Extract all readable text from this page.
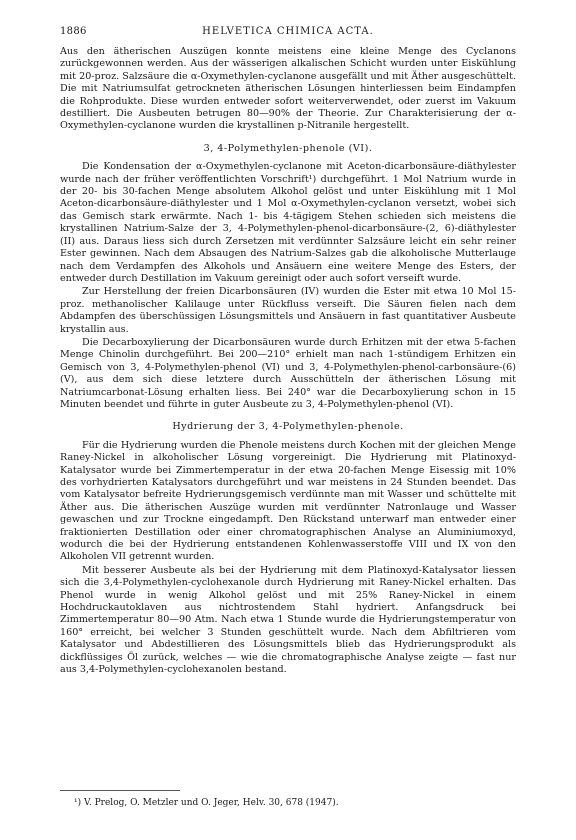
1886	HELVETICA CHIMICA ACTA.

Aus den ätherischen Auszügen konnte meistens eine kleine Menge des Cyclanons zurückgewonnen werden. Aus der wässerigen alkalischen Schicht wurden unter Eiskühlung mit 20-proz. Salzsäure die α-Oxymethylen-cyclanone ausgefällt und mit Äther ausgeschüttelt. Die mit Natriumsulfat getrockneten ätherischen Lösungen hinterliessen beim Eindampfen die Rohprodukte. Diese wurden entweder sofort weiterverwendet, oder zuerst im Vakuum destilliert. Die Ausbeuten betrugen 80—90% der Theorie. Zur Charakterisierung der α-Oxymethylen-cyclanone wurden die krystallinen p-Nitranile hergestellt.

3, 4-Polymethylen-phenole (VI).

Die Kondensation der α-Oxymethylen-cyclanone mit Aceton-dicarbonsäure-diäthylester wurde nach der früher veröffentlichten Vorschrift¹) durchgeführt. 1 Mol Natrium wurde in der 20- bis 30-fachen Menge absolutem Alkohol gelöst und unter Eiskühlung mit 1 Mol Aceton-dicarbonsäure-diäthylester und 1 Mol α-Oxymethylen-cyclanon versetzt, wobei sich das Gemisch stark erwärmte. Nach 1- bis 4-tägigem Stehen schieden sich meistens die krystallinen Natrium-Salze der 3, 4-Polymethylen-phenol-dicarbonsäure-(2, 6)-diäthylester (II) aus. Daraus liess sich durch Zersetzen mit verdünnter Salzsäure leicht ein sehr reiner Ester gewinnen. Nach dem Absaugen des Natrium-Salzes gab die alkoholische Mutterlauge nach dem Verdampfen des Alkohols und Ansäuern eine weitere Menge des Esters, der entweder durch Destillation im Vakuum gereinigt oder auch sofort verseift wurde.

Zur Herstellung der freien Dicarbonsäuren (IV) wurden die Ester mit etwa 10 Mol 15-proz. methanolischer Kalilauge unter Rückfluss verseift. Die Säuren fielen nach dem Abdampfen des überschüssigen Lösungsmittels und Ansäuern in fast quantitativer Ausbeute krystallin aus.

Die Decarboxylierung der Dicarbonsäuren wurde durch Erhitzen mit der etwa 5-fachen Menge Chinolin durchgeführt. Bei 200—210° erhielt man nach 1-stündigem Erhitzen ein Gemisch von 3, 4-Polymethylen-phenol (VI) und 3, 4-Polymethylen-phenol-carbonsäure-(6) (V), aus dem sich diese letztere durch Ausschütteln der ätherischen Lösung mit Natriumcarbonat-Lösung erhalten liess. Bei 240° war die Decarboxylierung schon in 15 Minuten beendet und führte in guter Ausbeute zu 3, 4-Polymethylen-phenol (VI).

Hydrierung der 3, 4-Polymethylen-phenole.

Für die Hydrierung wurden die Phenole meistens durch Kochen mit der gleichen Menge Raney-Nickel in alkoholischer Lösung vorgereinigt. Die Hydrierung mit Platinoxyd-Katalysator wurde bei Zimmertemperatur in der etwa 20-fachen Menge Eisessig mit 10% des vorhydrierten Katalysators durchgeführt und war meistens in 24 Stunden beendet. Das vom Katalysator befreite Hydrierungsgemisch verdünnte man mit Wasser und schüttelte mit Äther aus. Die ätherischen Auszüge wurden mit verdünnter Natronlauge und Wasser gewaschen und zur Trockne eingedampft. Den Rückstand unterwarf man entweder einer fraktionierten Destillation oder einer chromatographischen Analyse an Aluminiumoxyd, wodurch die bei der Hydrierung entstandenen Kohlenwasserstoffe VIII und IX von den Alkoholen VII getrennt wurden.

Mit besserer Ausbeute als bei der Hydrierung mit dem Platinoxyd-Katalysator liessen sich die 3,4-Polymethylen-cyclohexanole durch Hydrierung mit Raney-Nickel erhalten. Das Phenol wurde in wenig Alkohol gelöst und mit 25% Raney-Nickel in einem Hochdruckautoklaven aus nichtrostendem Stahl hydriert. Anfangsdruck bei Zimmertemperatur 80—90 Atm. Nach etwa 1 Stunde wurde die Hydrierungstemperatur von 160° erreicht, bei welcher 3 Stunden geschüttelt wurde. Nach dem Abfiltrieren vom Katalysator und Abdestillieren des Lösungsmittels blieb das Hydrierungsprodukt als dickflüssiges Öl zurück, welches — wie die chromatographische Analyse zeigte — fast nur aus 3,4-Polymethylen-cyclohexanolen bestand.

¹) V. Prelog, O. Metzler und O. Jeger, Helv. 30, 678 (1947).
